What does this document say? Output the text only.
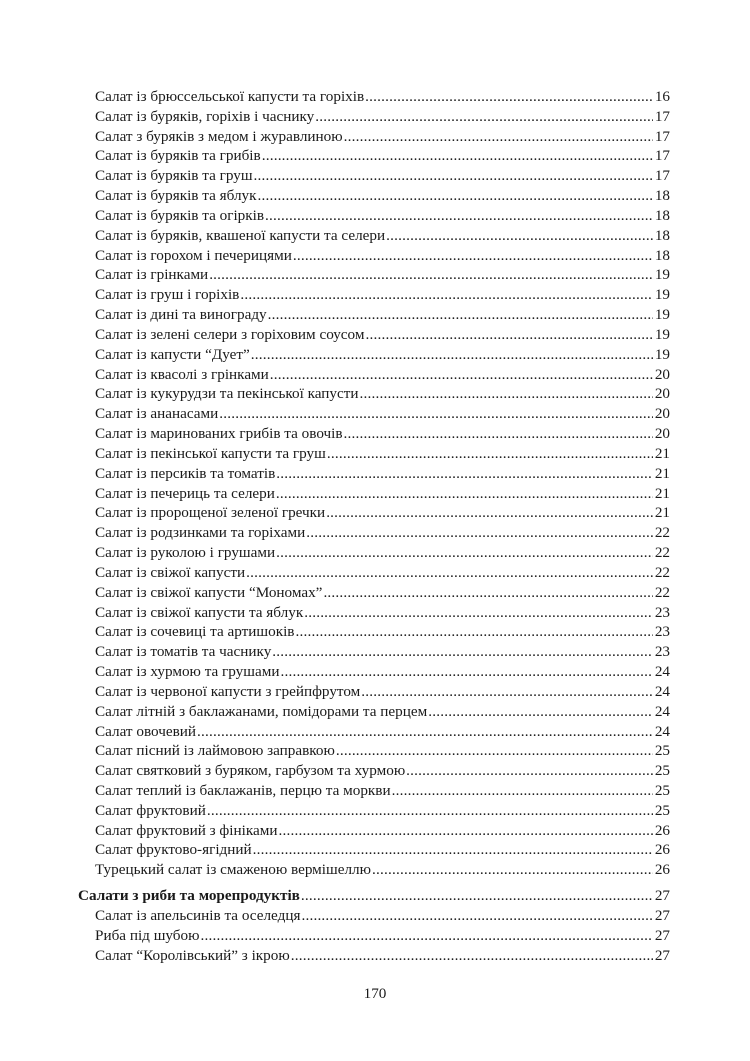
Салат із брюссельської капусти та горіхів .....	16
Салат із буряків, горіхів і часнику .....	17
Салат з буряків з медом і журавлиною .....	17
Салат із буряків та грибів .....	17
Салат із буряків та груш .....	17
Салат із буряків та яблук .....	18
Салат із буряків та огірків .....	18
Салат із буряків, квашеної капусти та селери .....	18
Салат із горохом і печерицями .....	18
Салат із грінками .....	19
Салат із груш і горіхів .....	19
Салат із дині та винограду .....	19
Салат із зелені селери з горіховим соусом .....	19
Салат із капусти “Дует” .....	19
Салат із квасолі з грінками .....	20
Салат із кукурудзи та пекінської капусти .....	20
Салат із ананасами .....	20
Салат із маринованих грибів та овочів .....	20
Салат із пекінської капусти та груш .....	21
Салат із персиків та томатів .....	21
Салат із печериць та селери .....	21
Салат із пророщеної зеленої гречки .....	21
Салат із родзинками та горіхами .....	22
Салат із руколою і грушами .....	22
Салат із свіжої капусти .....	22
Салат із свіжої капусти “Мономах” .....	22
Салат із свіжої капусти та яблук .....	23
Салат із сочевиці та артишоків .....	23
Салат із томатів та часнику .....	23
Салат із хурмою та грушами .....	24
Салат із червоної капусти з грейпфрутом .....	24
Салат літній з баклажанами, помідорами та перцем .....	24
Салат овочевий .....	24
Салат пісний із лаймовою заправкою .....	25
Салат святковий з буряком, гарбузом та хурмою .....	25
Салат теплий із баклажанів, перцю та моркви .....	25
Салат фруктовий .....	25
Салат фруктовий з фініками .....	26
Салат фруктово-ягідний .....	26
Турецький салат із смаженою вермішеллю .....	26
Салати з риби та морепродуктів .....	27
Салат із апельсинів та оселедця .....	27
Риба під шубою .....	27
Салат “Королівський” з ікрою .....	27
170
